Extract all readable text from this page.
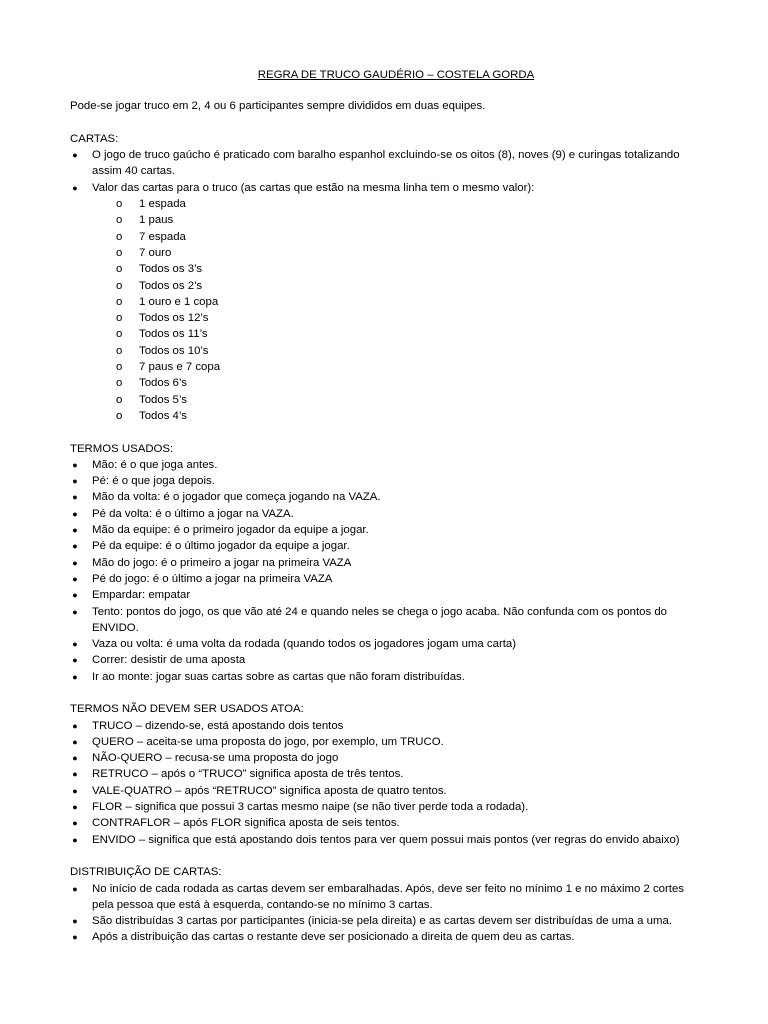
REGRA DE TRUCO GAUDÉRIO – COSTELA GORDA

Pode-se jogar truco em 2, 4 ou 6 participantes sempre divididos em duas equipes.

CARTAS:

● O jogo de truco gaúcho é praticado com baralho espanhol excluindo-se os oitos (8), noves (9) e curingas totalizando assim 40 cartas.
● Valor das cartas para o truco (as cartas que estão na mesma linha tem o mesmo valor):
o 1 espada
o 1 paus
o 7 espada
o 7 ouro
o Todos os 3’s
o Todos os 2’s
o 1 ouro e 1 copa
o Todos os 12’s
o Todos os 11’s
o Todos os 10’s
o 7 paus e 7 copa
o Todos 6’s
o Todos 5’s
o Todos 4’s

TERMOS USADOS:

● Mão: é o que joga antes.
● Pé: é o que joga depois.
● Mão da volta: é o jogador que começa jogando na VAZA.
● Pé da volta: é o último a jogar na VAZA.
● Mão da equipe: é o primeiro jogador da equipe a jogar.
● Pé da equipe: é o último jogador da equipe a jogar.
● Mão do jogo: é o primeiro a jogar na primeira VAZA
● Pé do jogo: é o último a jogar na primeira VAZA
● Empardar: empatar
● Tento: pontos do jogo, os que vão até 24 e quando neles se chega o jogo acaba. Não confunda com os pontos do ENVIDO.
● Vaza ou volta: é uma volta da rodada (quando todos os jogadores jogam uma carta)
● Correr: desistir de uma aposta
● Ir ao monte: jogar suas cartas sobre as cartas que não foram distribuídas.

TERMOS NÃO DEVEM SER USADOS ATOA:

● TRUCO – dizendo-se, está apostando dois tentos
● QUERO – aceita-se uma proposta do jogo, por exemplo, um TRUCO.
● NÃO-QUERO – recusa-se uma proposta do jogo
● RETRUCO – após o “TRUCO” significa aposta de três tentos.
● VALE-QUATRO – após “RETRUCO” significa aposta de quatro tentos.
● FLOR – significa que possui 3 cartas mesmo naipe (se não tiver perde toda a rodada).
● CONTRAFLOR – após FLOR significa aposta de seis tentos.
● ENVIDO – significa que está apostando dois tentos para ver quem possui mais pontos (ver regras do envido abaixo)

DISTRIBUIÇÃO DE CARTAS:

● No início de cada rodada as cartas devem ser embaralhadas. Após, deve ser feito no mínimo 1 e no máximo 2 cortes pela pessoa que está à esquerda, contando-se no mínimo 3 cartas.
● São distribuídas 3 cartas por participantes (inicia-se pela direita) e as cartas devem ser distribuídas de uma a uma.
● Após a distribuição das cartas o restante deve ser posicionado a direita de quem deu as cartas.
